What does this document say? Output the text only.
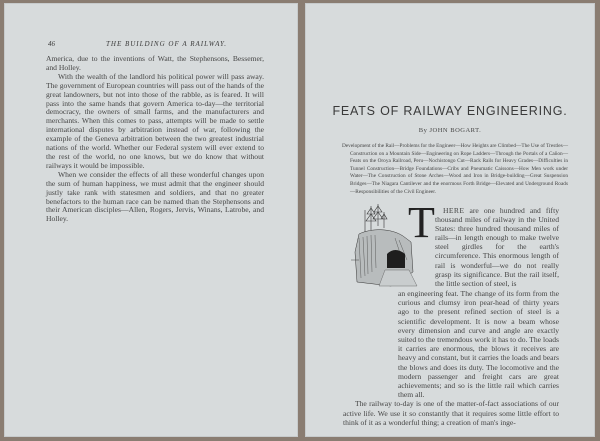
46	THE BUILDING OF A RAILWAY.

America, due to the inventions of Watt, the Stephensons, Bessemer, and Holley.

With the wealth of the landlord his political power will pass away. The government of European countries will pass out of the hands of the great landowners, but not into those of the rabble, as is feared. It will pass into the same hands that govern America to-day—the territorial democracy, the owners of small farms, and the manufacturers and merchants. When this comes to pass, attempts will be made to settle international disputes by arbitration instead of war, following the example of the Geneva arbitration between the two greatest industrial nations of the world. Whether our Federal system will ever extend to the rest of the world, no one knows, but we do know that without railways it would be impossible.

When we consider the effects of all these wonderful changes upon the sum of human happiness, we must admit that the engineer should justly take rank with statesmen and soldiers, and that no greater benefactors to the human race can be named than the Stephensons and their American disciples—Allen, Rogers, Jervis, Winans, Latrobe, and Holley.

FEATS OF RAILWAY ENGINEERING.
By JOHN BOGART.
Development of the Rail—Problems for the Engineer—How Heights are Climbed—The Use of Trestles—Construction on a Mountain Side—Engineering on Rope Ladders—Through the Portals of a Cañon—Feats on the Oroya Railroad, Peru—Nochistongo Cut—Rack Rails for Heavy Grades—Difficulties in Tunnel Construction—Bridge Foundations—Cribs and Pneumatic Caissons—How Men work under Water—The Construction of Stone Arches—Wood and Iron in Bridge-building—Great Suspension Bridges—The Niagara Cantilever and the enormous Forth Bridge—Elevated and Underground Roads—Responsibilities of the Civil Engineer.
T	HERE are one hundred and fifty thousand miles of railway in the United States: three hundred thousand miles of rails—in length enough to make twelve steel girdles for the earth's circumference. This enormous length of rail is wonderful—we do not really grasp its significance. But the rail itself, the little section of steel, is

an engineering feat. The change of its form from the curious and clumsy iron pear-head of thirty years ago to the present refined section of steel is a scientific development. It is now a beam whose every dimension and curve and angle are exactly suited to the tremendous work it has to do. The loads it carries are enormous, the blows it receives are heavy and constant, but it carries the loads and bears the blows and does its duty. The locomotive and the modern passenger and freight cars are great achievements; and so is the little rail which carries them all.

The railway to-day is one of the matter-of-fact associations of our active life. We use it so constantly that it requires some little effort to think of it as a wonderful thing; a creation of man's inge-
